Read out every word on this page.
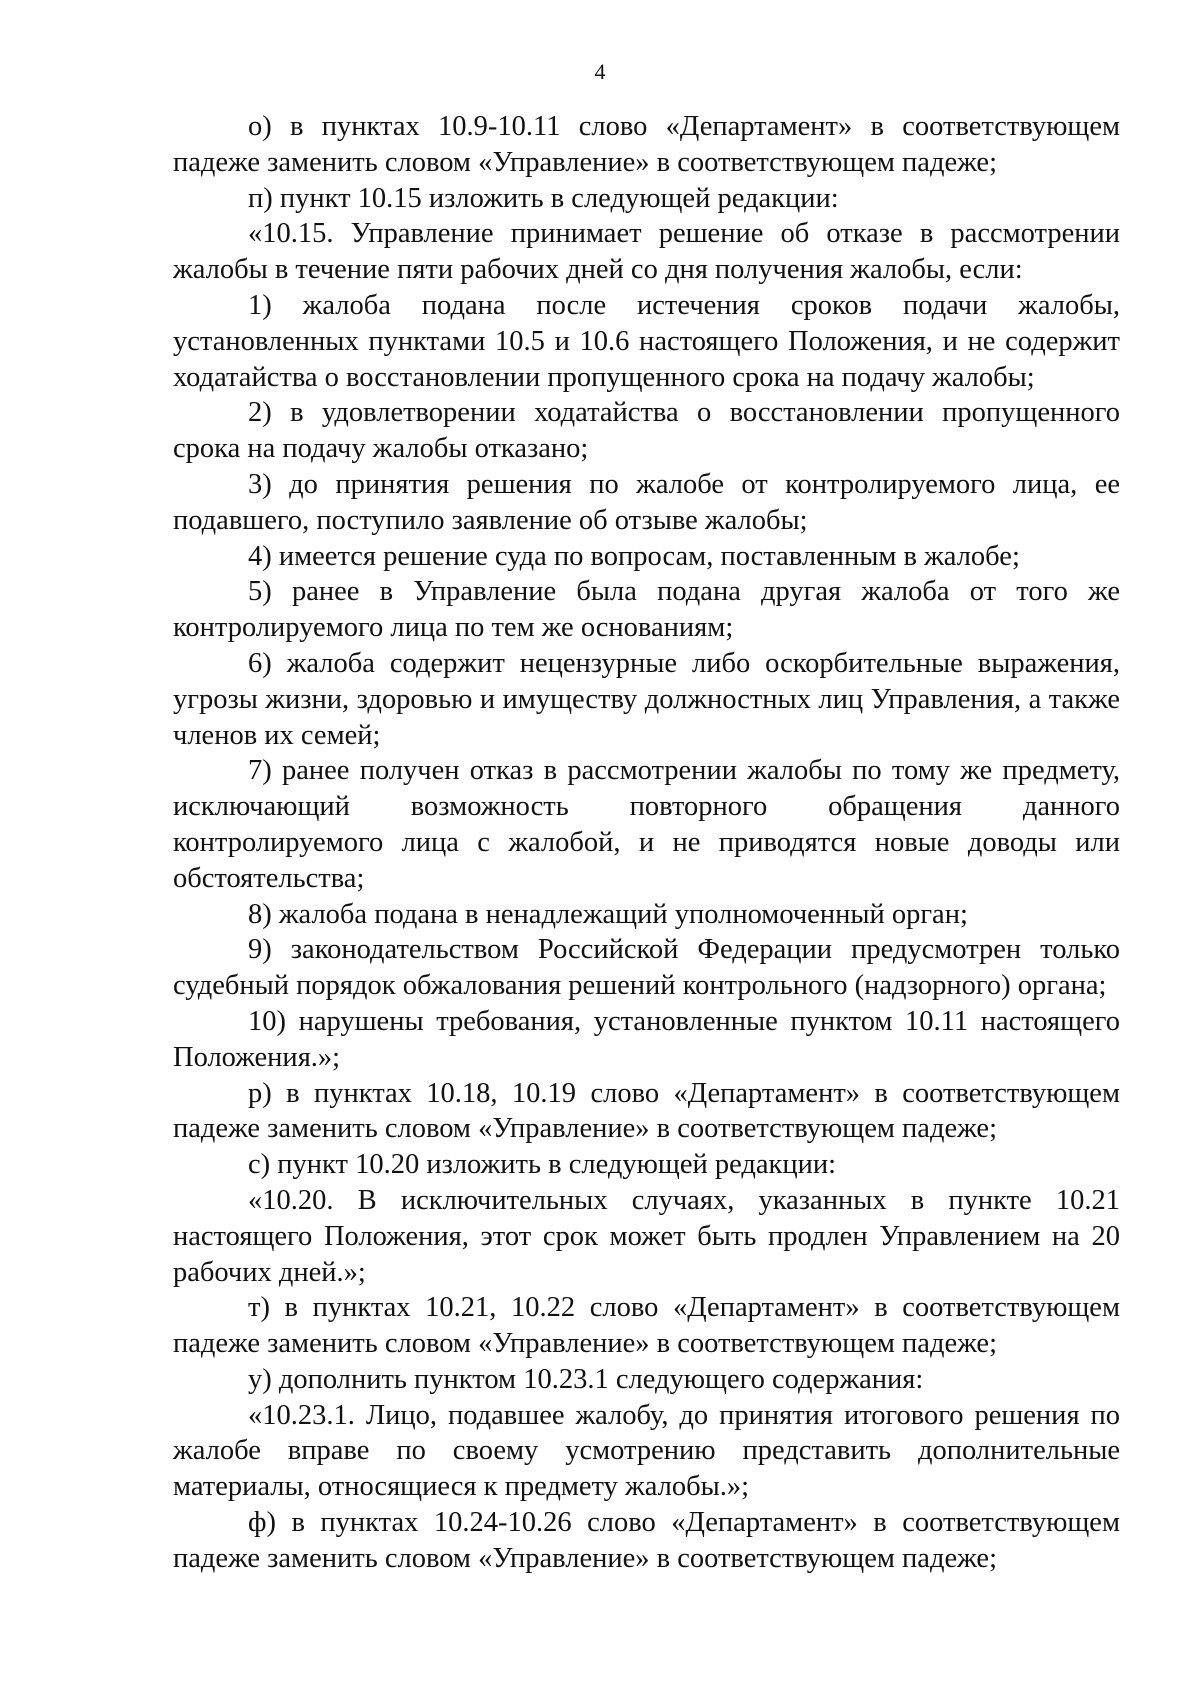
4

о) в пунктах 10.9-10.11 слово «Департамент» в соответствующем падеже заменить словом «Управление» в соответствующем падеже;

п) пункт 10.15 изложить в следующей редакции:

«10.15. Управление принимает решение об отказе в рассмотрении жалобы в течение пяти рабочих дней со дня получения жалобы, если:

1) жалоба подана после истечения сроков подачи жалобы, установленных пунктами 10.5 и 10.6 настоящего Положения, и не содержит ходатайства о восстановлении пропущенного срока на подачу жалобы;

2) в удовлетворении ходатайства о восстановлении пропущенного срока на подачу жалобы отказано;

3) до принятия решения по жалобе от контролируемого лица, ее подавшего, поступило заявление об отзыве жалобы;

4) имеется решение суда по вопросам, поставленным в жалобе;

5) ранее в Управление была подана другая жалоба от того же контролируемого лица по тем же основаниям;

6) жалоба содержит нецензурные либо оскорбительные выражения, угрозы жизни, здоровью и имуществу должностных лиц Управления, а также членов их семей;

7) ранее получен отказ в рассмотрении жалобы по тому же предмету, исключающий возможность повторного обращения данного контролируемого лица с жалобой, и не приводятся новые доводы или обстоятельства;

8) жалоба подана в ненадлежащий уполномоченный орган;

9) законодательством Российской Федерации предусмотрен только судебный порядок обжалования решений контрольного (надзорного) органа;

10) нарушены требования, установленные пунктом 10.11 настоящего Положения.»;

р) в пунктах 10.18, 10.19 слово «Департамент» в соответствующем падеже заменить словом «Управление» в соответствующем падеже;

с) пункт 10.20 изложить в следующей редакции:

«10.20. В исключительных случаях, указанных в пункте 10.21 настоящего Положения, этот срок может быть продлен Управлением на 20 рабочих дней.»;

т) в пунктах 10.21, 10.22 слово «Департамент» в соответствующем падеже заменить словом «Управление» в соответствующем падеже;

у) дополнить пунктом 10.23.1 следующего содержания:

«10.23.1. Лицо, подавшее жалобу, до принятия итогового решения по жалобе вправе по своему усмотрению представить дополнительные материалы, относящиеся к предмету жалобы.»;

ф) в пунктах 10.24-10.26 слово «Департамент» в соответствующем падеже заменить словом «Управление» в соответствующем падеже;
